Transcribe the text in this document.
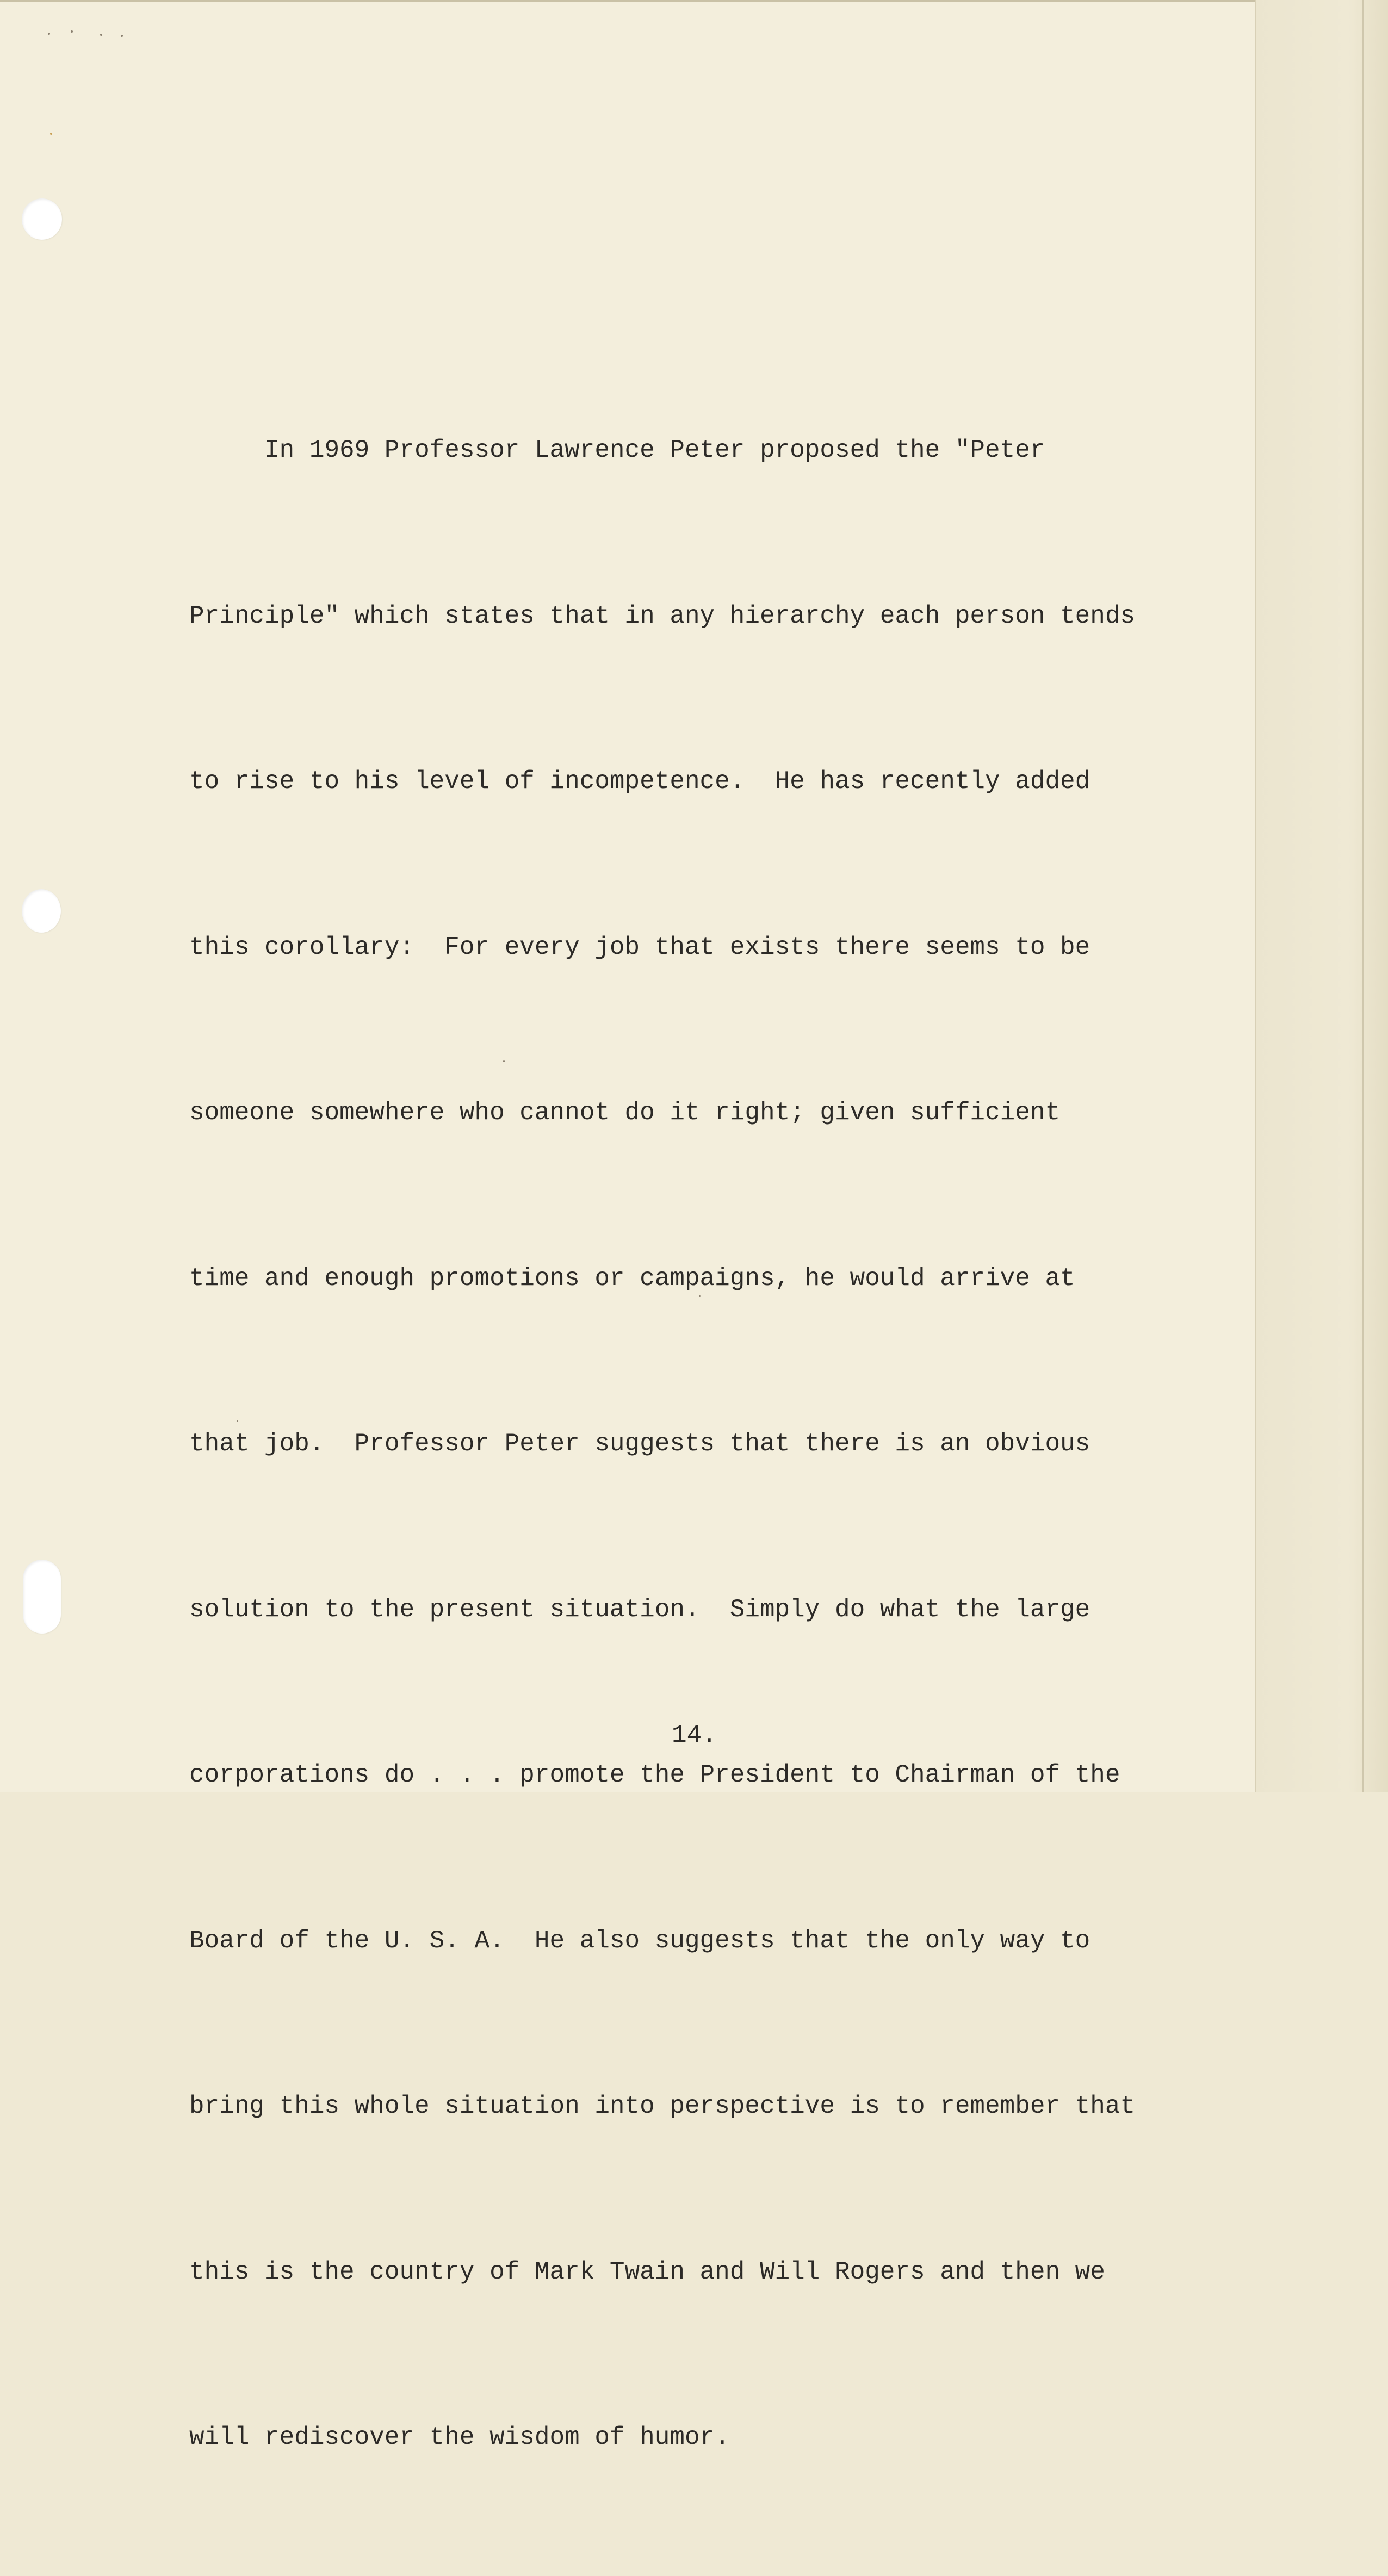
In 1969 Professor Lawrence Peter proposed the "Peter

Principle" which states that in any hierarchy each person tends

to rise to his level of incompetence.  He has recently added

this corollary:  For every job that exists there seems to be

someone somewhere who cannot do it right; given sufficient

time and enough promotions or campaigns, he would arrive at

that job.  Professor Peter suggests that there is an obvious

solution to the present situation.  Simply do what the large

corporations do . . . promote the President to Chairman of the

Board of the U. S. A.  He also suggests that the only way to

bring this whole situation into perspective is to remember that

this is the country of Mark Twain and Will Rogers and then we

will rediscover the wisdom of humor.

14.
